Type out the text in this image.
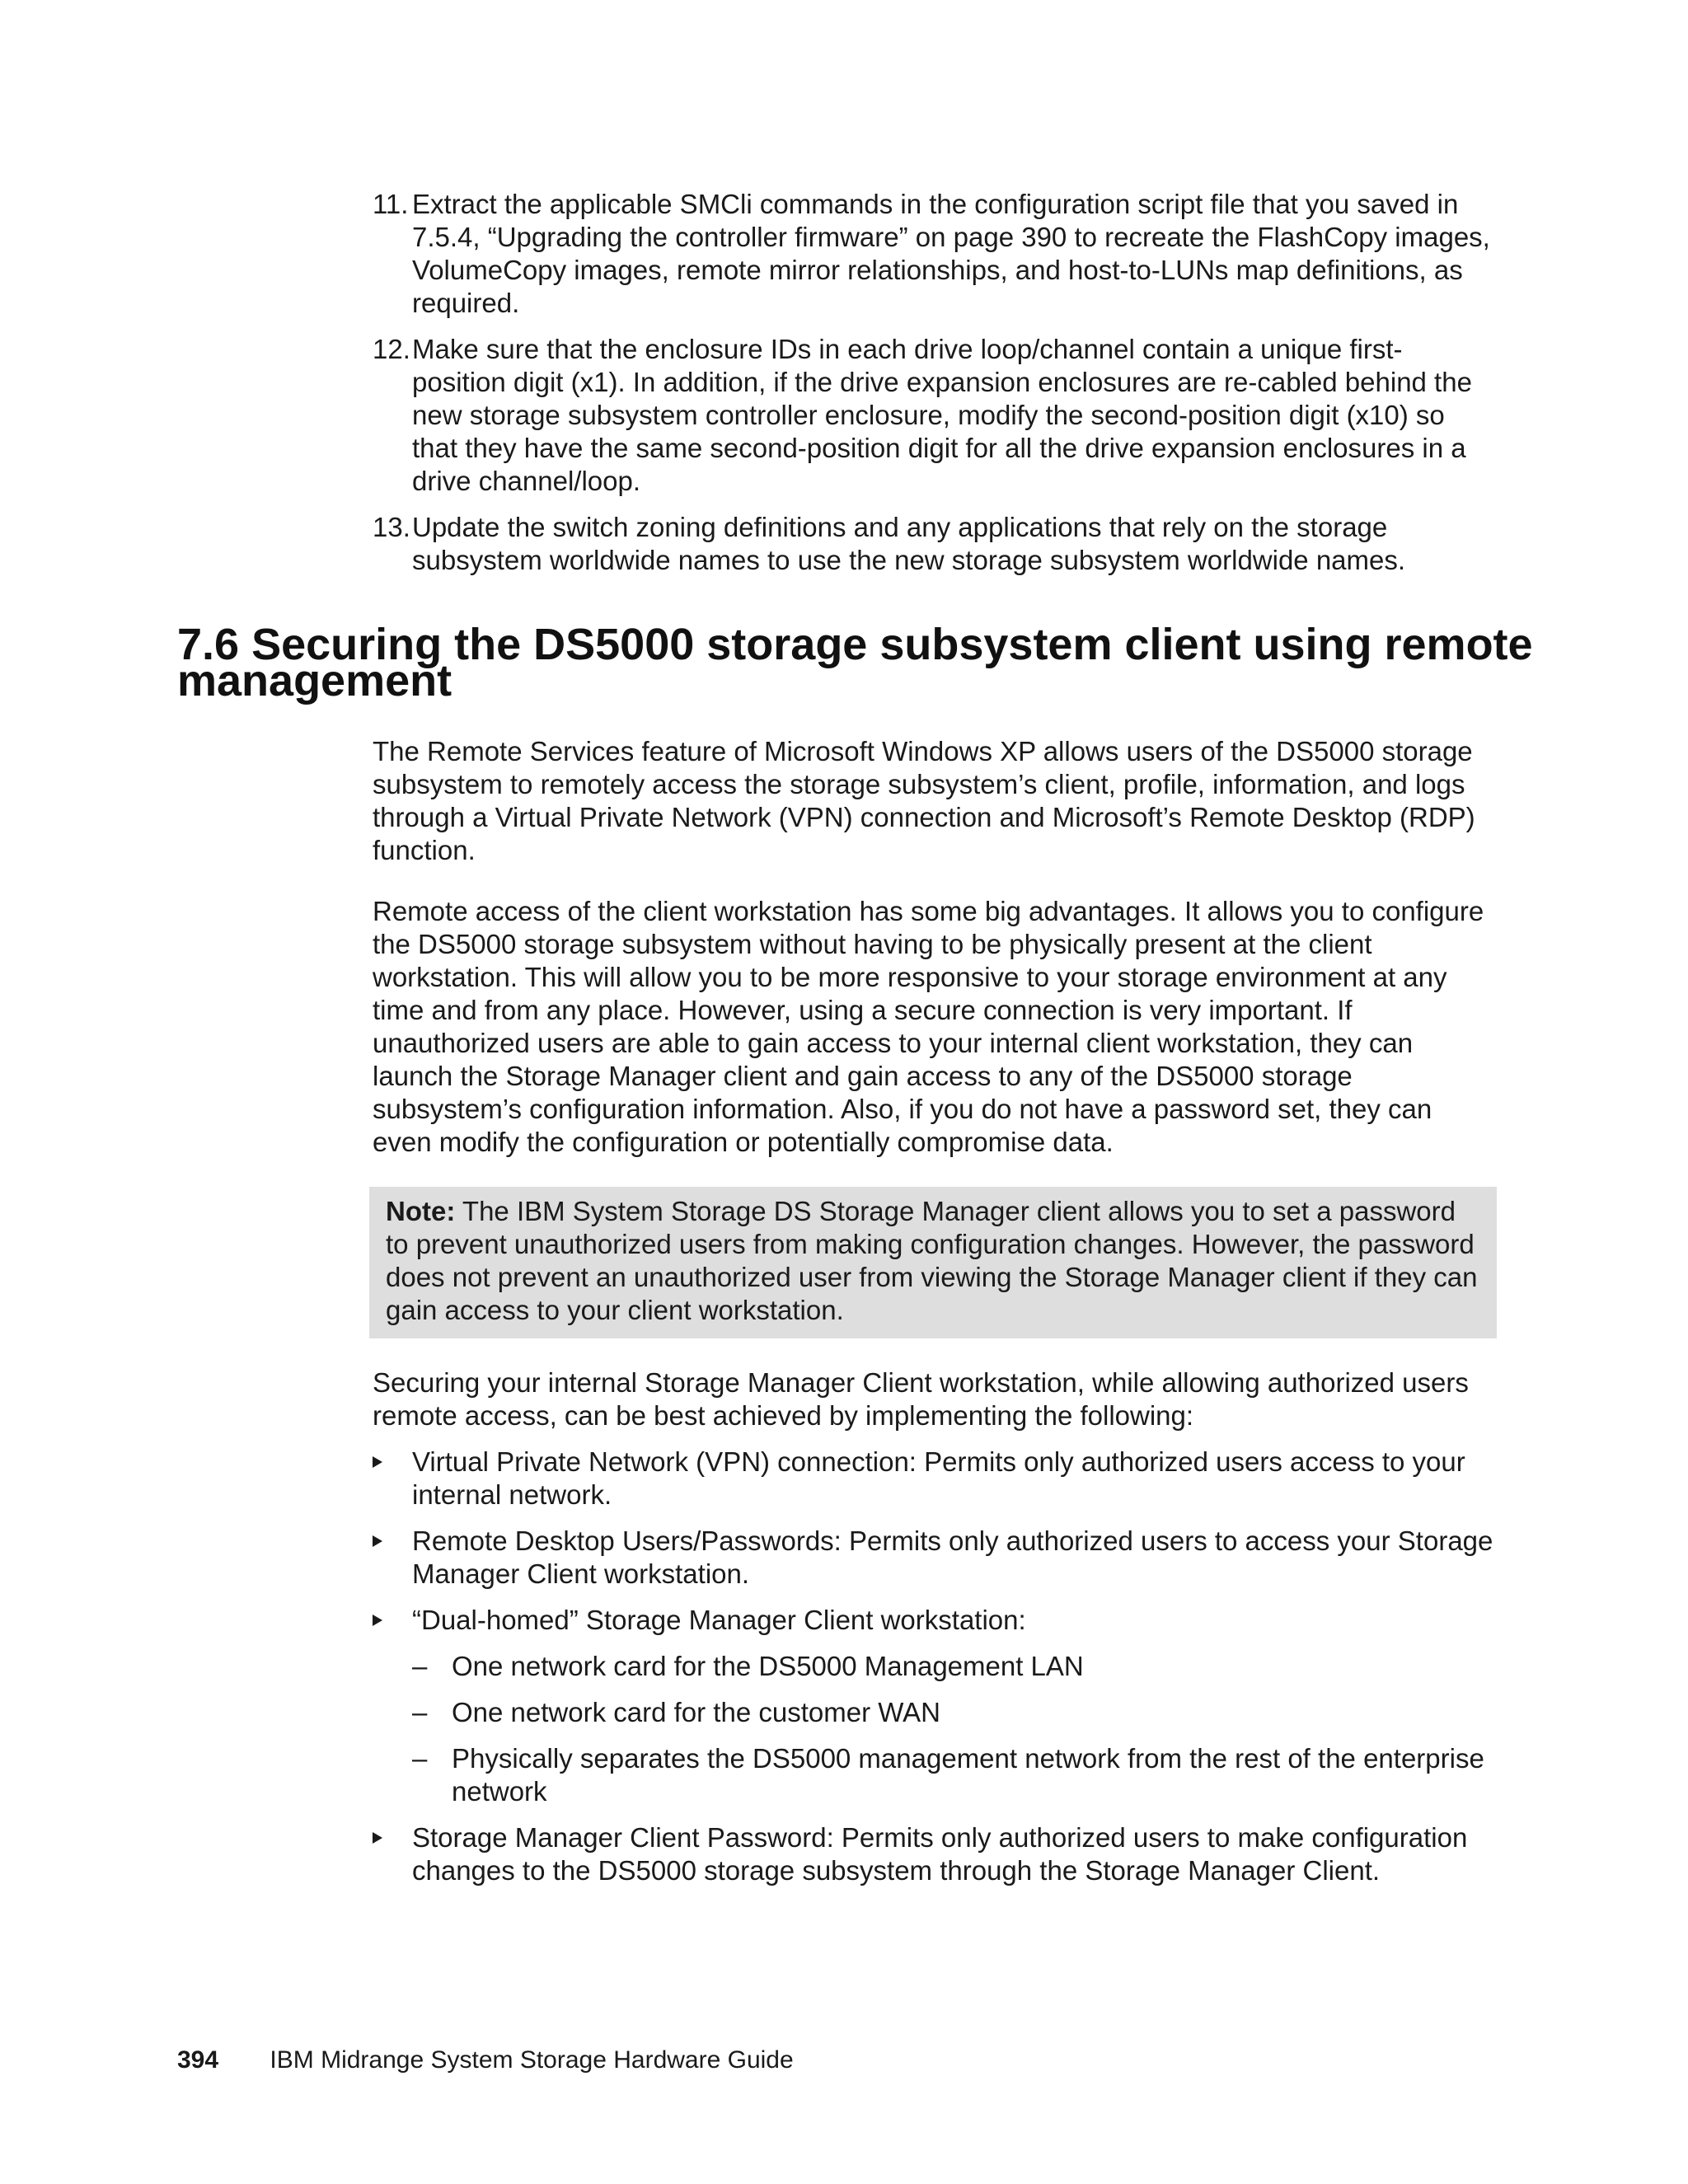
11. Extract the applicable SMCli commands in the configuration script file that you saved in 7.5.4, “Upgrading the controller firmware” on page 390 to recreate the FlashCopy images, VolumeCopy images, remote mirror relationships, and host-to-LUNs map definitions, as required.
12. Make sure that the enclosure IDs in each drive loop/channel contain a unique first-position digit (x1). In addition, if the drive expansion enclosures are re-cabled behind the new storage subsystem controller enclosure, modify the second-position digit (x10) so that they have the same second-position digit for all the drive expansion enclosures in a drive channel/loop.
13. Update the switch zoning definitions and any applications that rely on the storage subsystem worldwide names to use the new storage subsystem worldwide names.
7.6 Securing the DS5000 storage subsystem client using remote management

The Remote Services feature of Microsoft Windows XP allows users of the DS5000 storage subsystem to remotely access the storage subsystem’s client, profile, information, and logs through a Virtual Private Network (VPN) connection and Microsoft’s Remote Desktop (RDP) function.

Remote access of the client workstation has some big advantages. It allows you to configure the DS5000 storage subsystem without having to be physically present at the client workstation. This will allow you to be more responsive to your storage environment at any time and from any place. However, using a secure connection is very important. If unauthorized users are able to gain access to your internal client workstation, they can launch the Storage Manager client and gain access to any of the DS5000 storage subsystem’s configuration information. Also, if you do not have a password set, they can even modify the configuration or potentially compromise data.

Note: The IBM System Storage DS Storage Manager client allows you to set a password to prevent unauthorized users from making configuration changes. However, the password does not prevent an unauthorized user from viewing the Storage Manager client if they can gain access to your client workstation.

Securing your internal Storage Manager Client workstation, while allowing authorized users remote access, can be best achieved by implementing the following:

Virtual Private Network (VPN) connection: Permits only authorized users access to your internal network.
Remote Desktop Users/Passwords: Permits only authorized users to access your Storage Manager Client workstation.
“Dual-homed” Storage Manager Client workstation:
– One network card for the DS5000 Management LAN
– One network card for the customer WAN
– Physically separates the DS5000 management network from the rest of the enterprise network
Storage Manager Client Password: Permits only authorized users to make configuration changes to the DS5000 storage subsystem through the Storage Manager Client.
394 IBM Midrange System Storage Hardware Guide
